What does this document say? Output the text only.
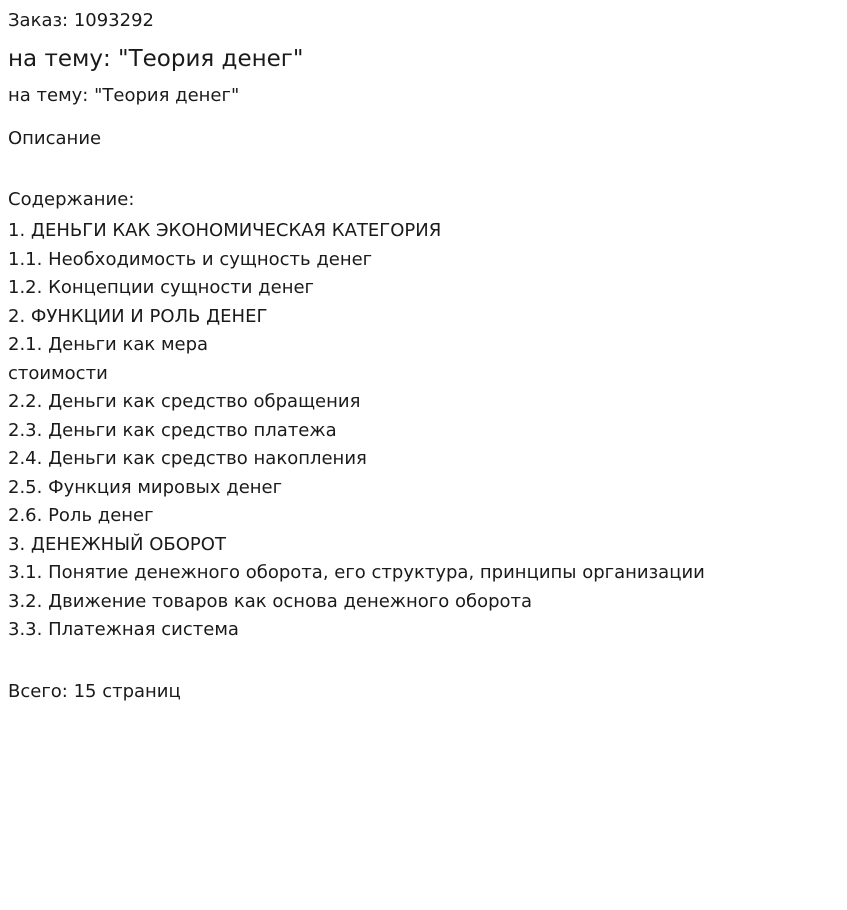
Заказ: 1093292

на тему: "Теория денег"

на тему: "Теория денег"

Описание

Содержание:
1. ДЕНЬГИ КАК ЭКОНОМИЧЕСКАЯ КАТЕГОРИЯ
1.1. Необходимость и сущность денег
1.2. Концепции сущности денег
2. ФУНКЦИИ И РОЛЬ ДЕНЕГ
2.1. Деньги как мера
стоимости
2.2. Деньги как средство обращения
2.3. Деньги как средство платежа
2.4. Деньги как средство накопления
2.5. Функция мировых денег
2.6. Роль денег
3. ДЕНЕЖНЫЙ ОБОРОТ
3.1. Понятие денежного оборота, его структура, принципы организации
3.2. Движение товаров как основа денежного оборота
3.3. Платежная система

Всего: 15 страниц
